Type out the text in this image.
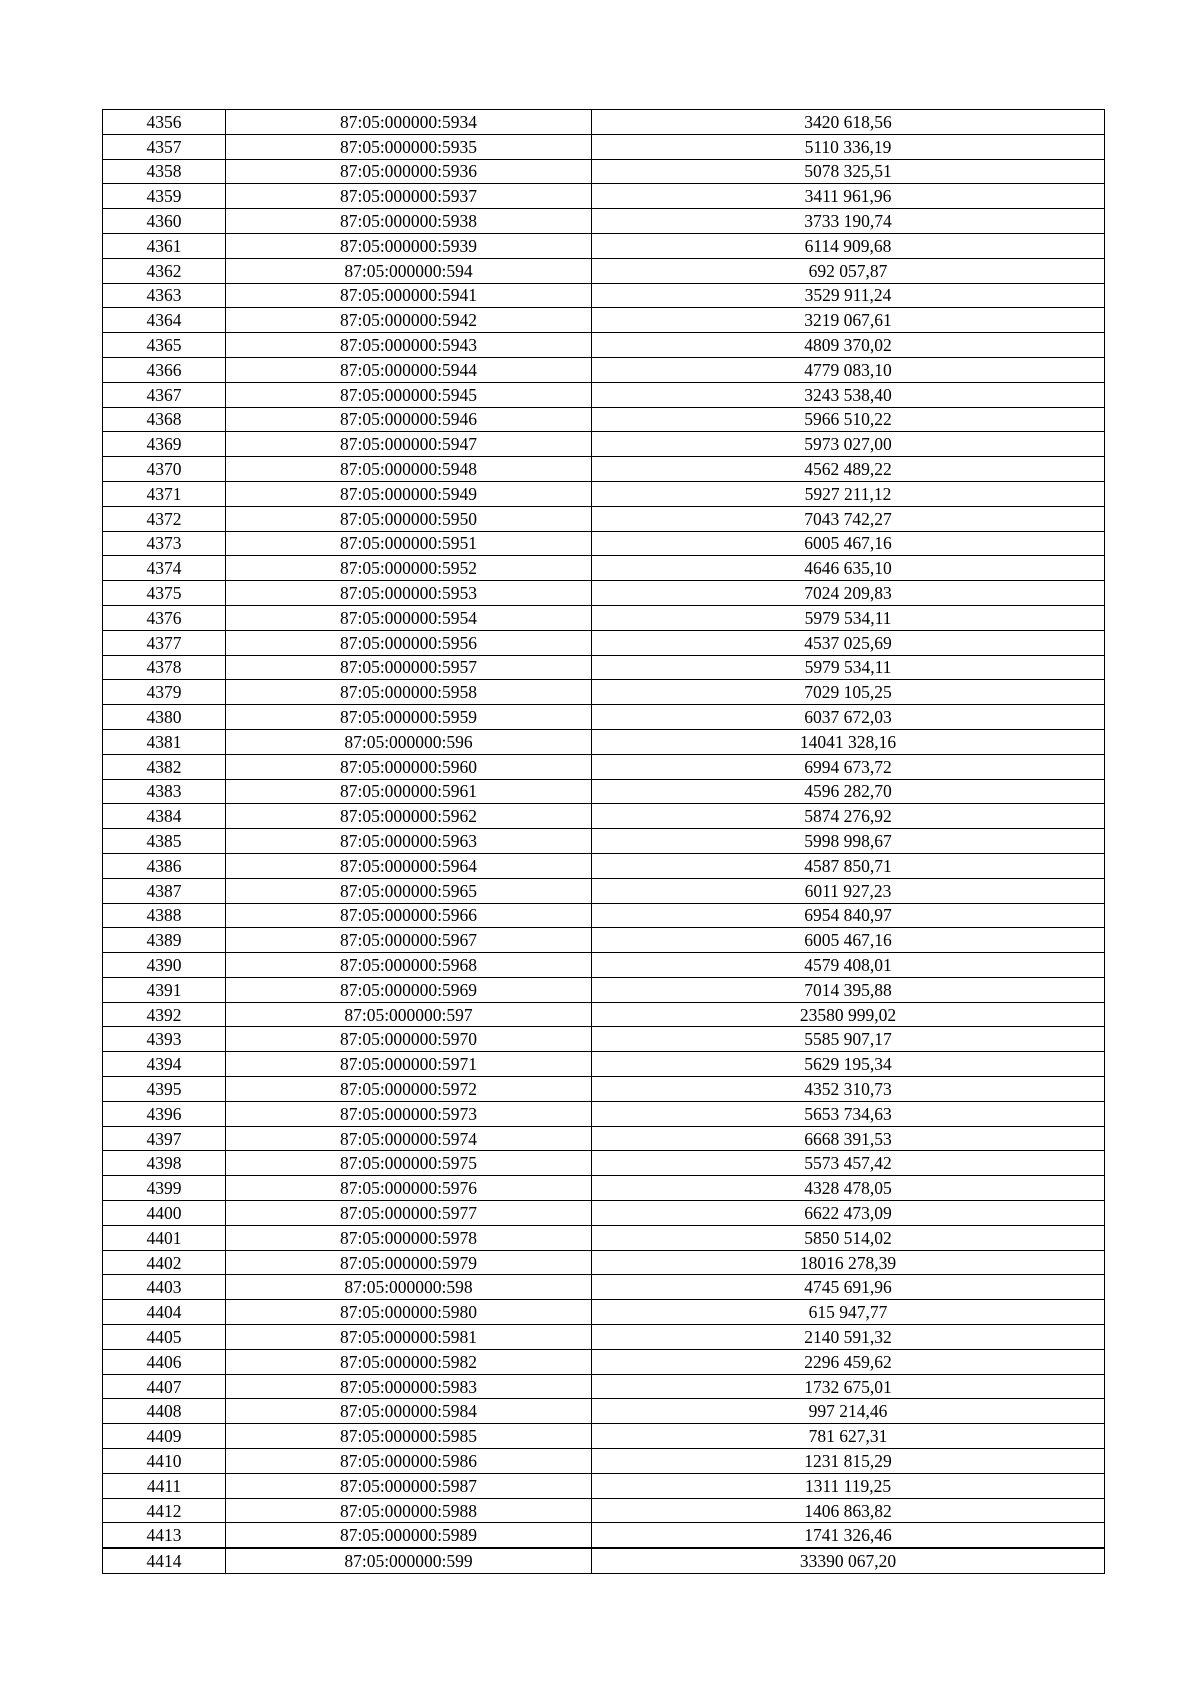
4356	87:05:000000:5934	3420 618,56
4357	87:05:000000:5935	5110 336,19
4358	87:05:000000:5936	5078 325,51
4359	87:05:000000:5937	3411 961,96
4360	87:05:000000:5938	3733 190,74
4361	87:05:000000:5939	6114 909,68
4362	87:05:000000:594	692 057,87
4363	87:05:000000:5941	3529 911,24
4364	87:05:000000:5942	3219 067,61
4365	87:05:000000:5943	4809 370,02
4366	87:05:000000:5944	4779 083,10
4367	87:05:000000:5945	3243 538,40
4368	87:05:000000:5946	5966 510,22
4369	87:05:000000:5947	5973 027,00
4370	87:05:000000:5948	4562 489,22
4371	87:05:000000:5949	5927 211,12
4372	87:05:000000:5950	7043 742,27
4373	87:05:000000:5951	6005 467,16
4374	87:05:000000:5952	4646 635,10
4375	87:05:000000:5953	7024 209,83
4376	87:05:000000:5954	5979 534,11
4377	87:05:000000:5956	4537 025,69
4378	87:05:000000:5957	5979 534,11
4379	87:05:000000:5958	7029 105,25
4380	87:05:000000:5959	6037 672,03
4381	87:05:000000:596	14041 328,16
4382	87:05:000000:5960	6994 673,72
4383	87:05:000000:5961	4596 282,70
4384	87:05:000000:5962	5874 276,92
4385	87:05:000000:5963	5998 998,67
4386	87:05:000000:5964	4587 850,71
4387	87:05:000000:5965	6011 927,23
4388	87:05:000000:5966	6954 840,97
4389	87:05:000000:5967	6005 467,16
4390	87:05:000000:5968	4579 408,01
4391	87:05:000000:5969	7014 395,88
4392	87:05:000000:597	23580 999,02
4393	87:05:000000:5970	5585 907,17
4394	87:05:000000:5971	5629 195,34
4395	87:05:000000:5972	4352 310,73
4396	87:05:000000:5973	5653 734,63
4397	87:05:000000:5974	6668 391,53
4398	87:05:000000:5975	5573 457,42
4399	87:05:000000:5976	4328 478,05
4400	87:05:000000:5977	6622 473,09
4401	87:05:000000:5978	5850 514,02
4402	87:05:000000:5979	18016 278,39
4403	87:05:000000:598	4745 691,96
4404	87:05:000000:5980	615 947,77
4405	87:05:000000:5981	2140 591,32
4406	87:05:000000:5982	2296 459,62
4407	87:05:000000:5983	1732 675,01
4408	87:05:000000:5984	997 214,46
4409	87:05:000000:5985	781 627,31
4410	87:05:000000:5986	1231 815,29
4411	87:05:000000:5987	1311 119,25
4412	87:05:000000:5988	1406 863,82
4413	87:05:000000:5989	1741 326,46
4414	87:05:000000:599	33390 067,20
